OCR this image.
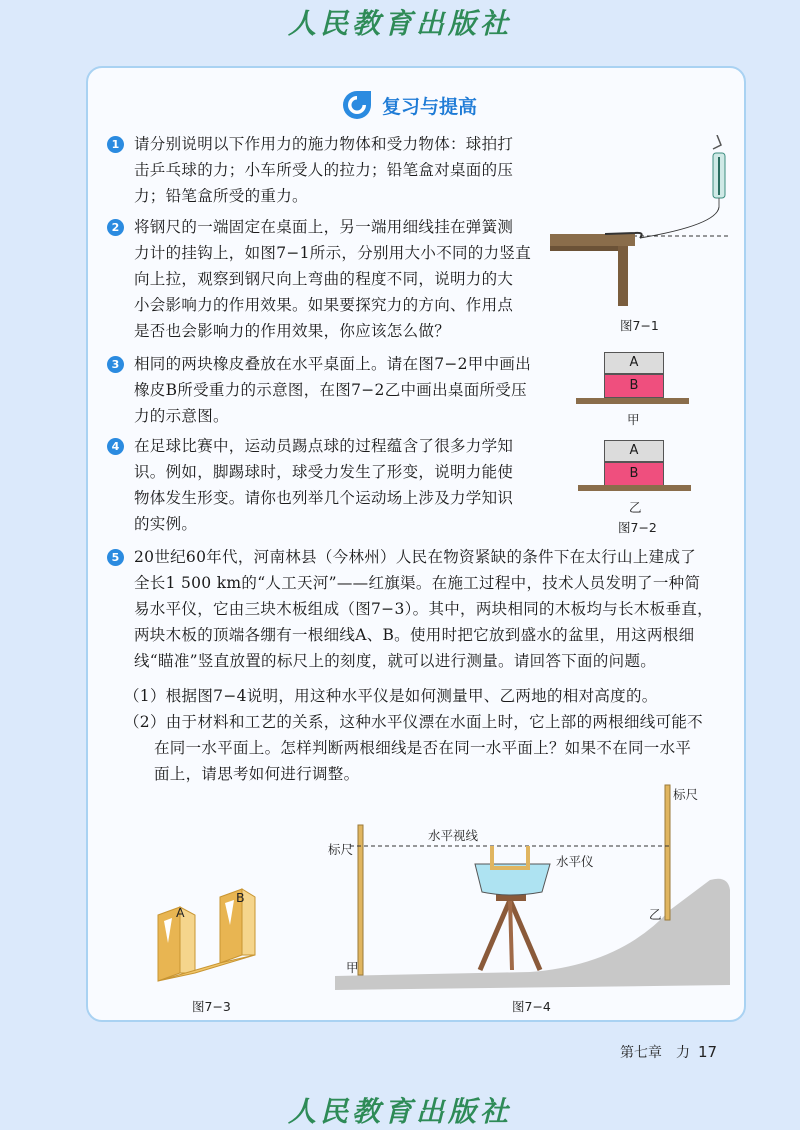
人民教育出版社
复习与提高
1 请分别说明以下作用力的施力物体和受力物体：球拍打
击乒乓球的力；小车所受人的拉力；铅笔盒对桌面的压
力；铅笔盒所受的重力。
2 将钢尺的一端固定在桌面上，另一端用细线挂在弹簧测
力计的挂钩上，如图7−1所示，分别用大小不同的力竖直
向上拉，观察到钢尺向上弯曲的程度不同，说明力的大
小会影响力的作用效果。如果要探究力的方向、作用点
是否也会影响力的作用效果，你应该怎么做？
3 相同的两块橡皮叠放在水平桌面上。请在图7−2甲中画出
橡皮B所受重力的示意图，在图7−2乙中画出桌面所受压
力的示意图。
4 在足球比赛中，运动员踢点球的过程蕴含了很多力学知
识。例如，脚踢球时，球受力发生了形变，说明力能使
物体发生形变。请你也列举几个运动场上涉及力学知识
的实例。
5 20世纪60年代，河南林县（今林州）人民在物资紧缺的条件下在太行山上建成了
全长1 500 km的“人工天河”——红旗渠。在施工过程中，技术人员发明了一种简
易水平仪，它由三块木板组成（图7−3）。其中，两块相同的木板均与长木板垂直，
两块木板的顶端各绷有一根细线A、B。使用时把它放到盛水的盆里，用这两根细
线“瞄准”竖直放置的标尺上的刻度，就可以进行测量。请回答下面的问题。
（1）根据图7−4说明，用这种水平仪是如何测量甲、乙两地的相对高度的。
（2）由于材料和工艺的关系，这种水平仪漂在水面上时，它上部的两根细线可能不
在同一水平面上。怎样判断两根细线是否在同一水平面上？如果不在同一水平
面上，请思考如何进行调整。
图7−1
A
B
甲
A
B
乙
图7−2
A
B
图7−3
标尺
标尺
水平视线
水平仪
甲
乙
图7−4
第七章　力 17
人民教育出版社
